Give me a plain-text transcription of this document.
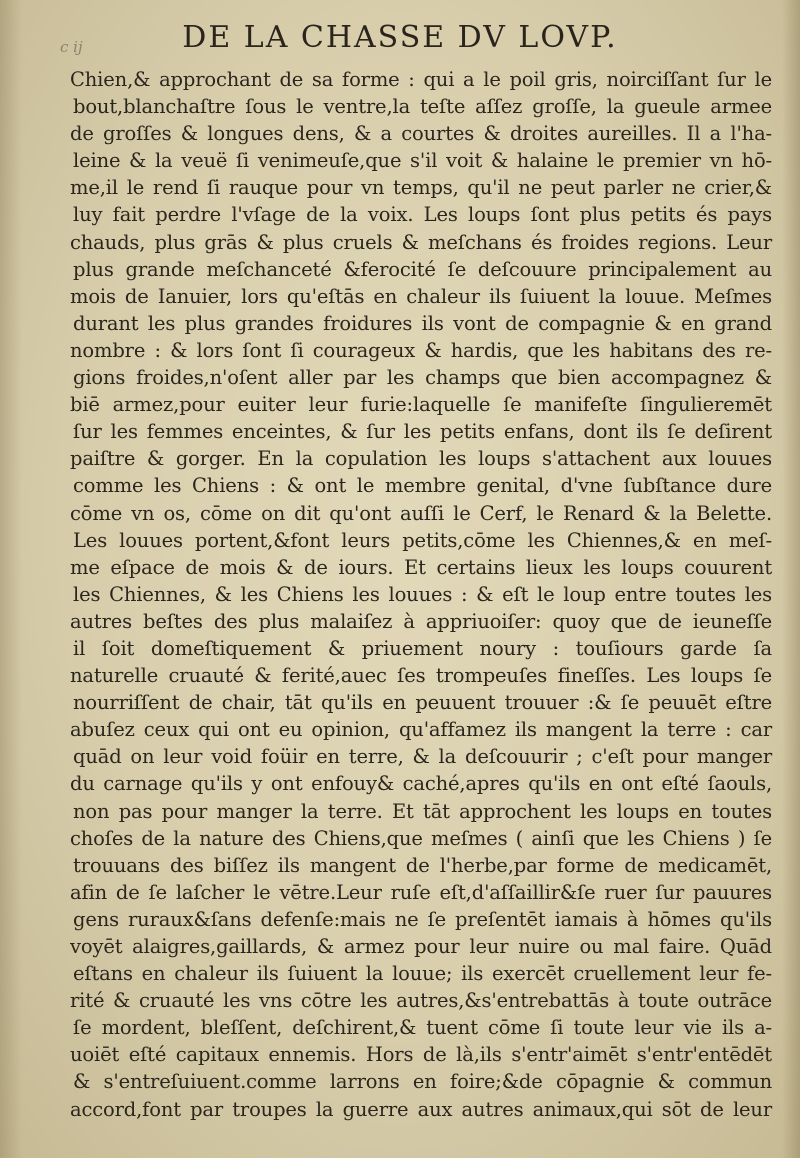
c ij	DE LA CHASSE DV LOVP.
Chien,& approchant de sa forme : qui a le poil gris, noirciſſant ſur le
bout,blanchaſtre ſous le ventre,la teſte aſſez groſſe, la gueule armee
de groſſes & longues dens, & a courtes & droites aureilles. Il a l'ha-
leine & la veuë ſi venimeuſe,que s'il voit & halaine le premier vn hō-
me,il le rend ſi rauque pour vn temps, qu'il ne peut parler ne crier,&
luy fait perdre l'vſage de la voix. Les loups ſont plus petits és pays
chauds, plus grās & plus cruels & meſchans és froides regions. Leur
plus grande meſchanceté &ferocité ſe deſcouure principalement au
mois de Ianuier, lors qu'eſtās en chaleur ils ſuiuent la louue. Meſmes
durant les plus grandes froidures ils vont de compagnie & en grand
nombre : & lors ſont ſi courageux & hardis, que les habitans des re-
gions froides,n'oſent aller par les champs que bien accompagnez &
biē armez,pour euiter leur furie:laquelle ſe manifeſte ſingulieremēt
ſur les femmes enceintes, & ſur les petits enfans, dont ils ſe deſirent
paiſtre & gorger. En la copulation les loups s'attachent aux louues
comme les Chiens : & ont le membre genital, d'vne ſubſtance dure
cōme vn os, cōme on dit qu'ont auſſi le Cerf, le Renard & la Belette.
Les louues portent,&font leurs petits,cōme les Chiennes,& en meſ-
me eſpace de mois & de iours. Et certains lieux les loups couurent
les Chiennes, & les Chiens les louues : & eſt le loup entre toutes les
autres beſtes des plus malaiſez à appriuoiſer: quoy que de ieuneſſe
il ſoit domeſtiquement & priuement noury : touſiours garde ſa
naturelle cruauté & ferité,auec ſes trompeuſes fineſſes. Les loups ſe
nourriſſent de chair, tāt qu'ils en peuuent trouuer :& ſe peuuēt eſtre
abuſez ceux qui ont eu opinion, qu'affamez ils mangent la terre : car
quād on leur void foüir en terre, & la deſcouurir ; c'eſt pour manger
du carnage qu'ils y ont enfouy& caché,apres qu'ils en ont eſté ſaouls,
non pas pour manger la terre. Et tāt approchent les loups en toutes
choſes de la nature des Chiens,que meſmes ( ainſi que les Chiens ) ſe
trouuans des biſſez ils mangent de l'herbe,par forme de medicamēt,
afin de ſe laſcher le vētre.Leur ruſe eſt,d'aſſaillir&ſe ruer ſur pauures
gens ruraux&ſans defenſe:mais ne ſe preſentēt iamais à hōmes qu'ils
voyēt alaigres,gaillards, & armez pour leur nuire ou mal faire. Quād
eſtans en chaleur ils ſuiuent la louue; ils exercēt cruellement leur fe-
rité & cruauté les vns cōtre les autres,&s'entrebattās à toute outrāce
ſe mordent, bleſſent, deſchirent,& tuent cōme ſi toute leur vie ils a-
uoiēt eſté capitaux ennemis. Hors de là,ils s'entr'aimēt s'entr'entēdēt
& s'entreſuiuent.comme larrons en foire;&de cōpagnie & commun
accord,font par troupes la guerre aux autres animaux,qui sōt de leur
